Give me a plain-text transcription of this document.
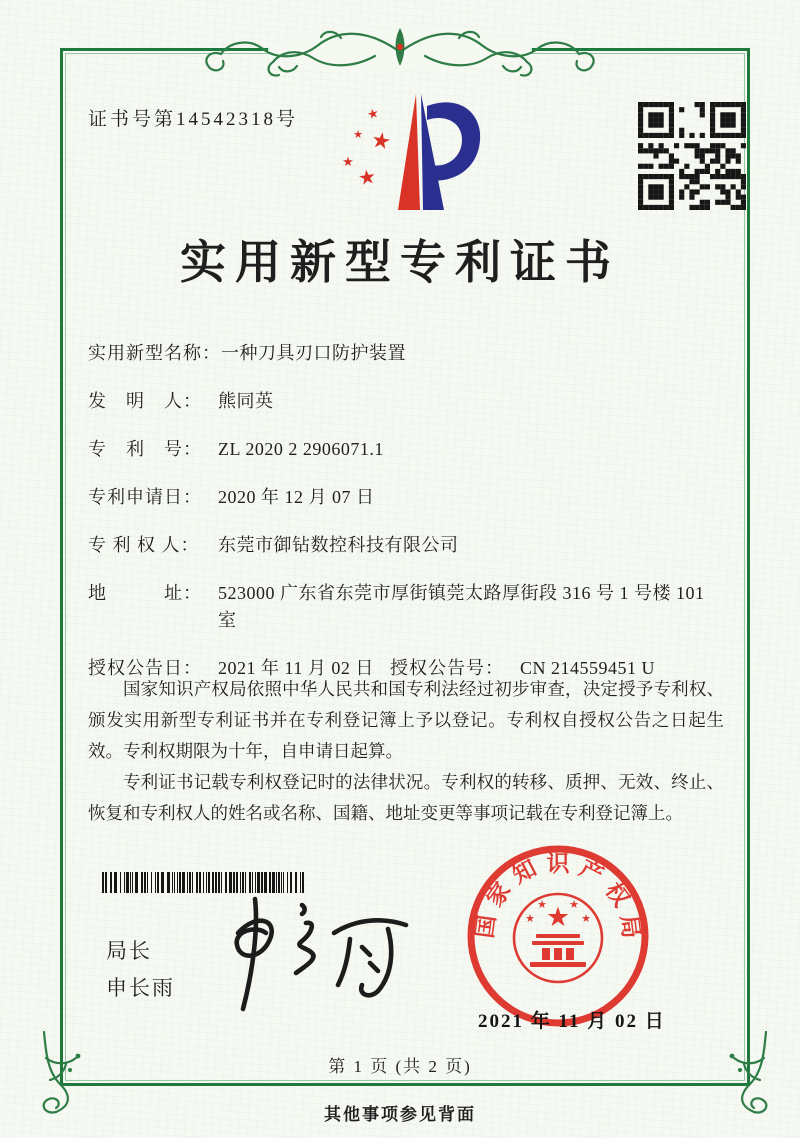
证书号第14542318号	★
★ ★
★
★
实用新型专利证书
实用新型名称： 一种刀具刃口防护装置
发　明　人： 熊同英
专　利　号： ZL 2020 2 2906071.1
专利申请日： 2020 年 12 月 07 日
专 利 权 人：	东莞市御钻数控科技有限公司
地　　　址： 523000 广东省东莞市厚街镇莞太路厚街段 316 号 1 号楼 101 室
授权公告日： 2021 年 11 月 02 日 授权公告号： CN 214559451 U

国家知识产权局依照中华人民共和国专利法经过初步审查，决定授予专利权、颁发实用新型专利证书并在专利登记簿上予以登记。专利权自授权公告之日起生效。专利权期限为十年，自申请日起算。

专利证书记载专利权登记时的法律状况。专利权的转移、质押、无效、终止、恢复和专利权人的姓名或名称、国籍、地址变更等事项记载在专利登记簿上。

局长
申长雨
国
家
知 识 产
权
局
★
★
★ ★
★
2021 年 11 月 02 日
第 1 页 (共 2 页)
其他事项参见背面
